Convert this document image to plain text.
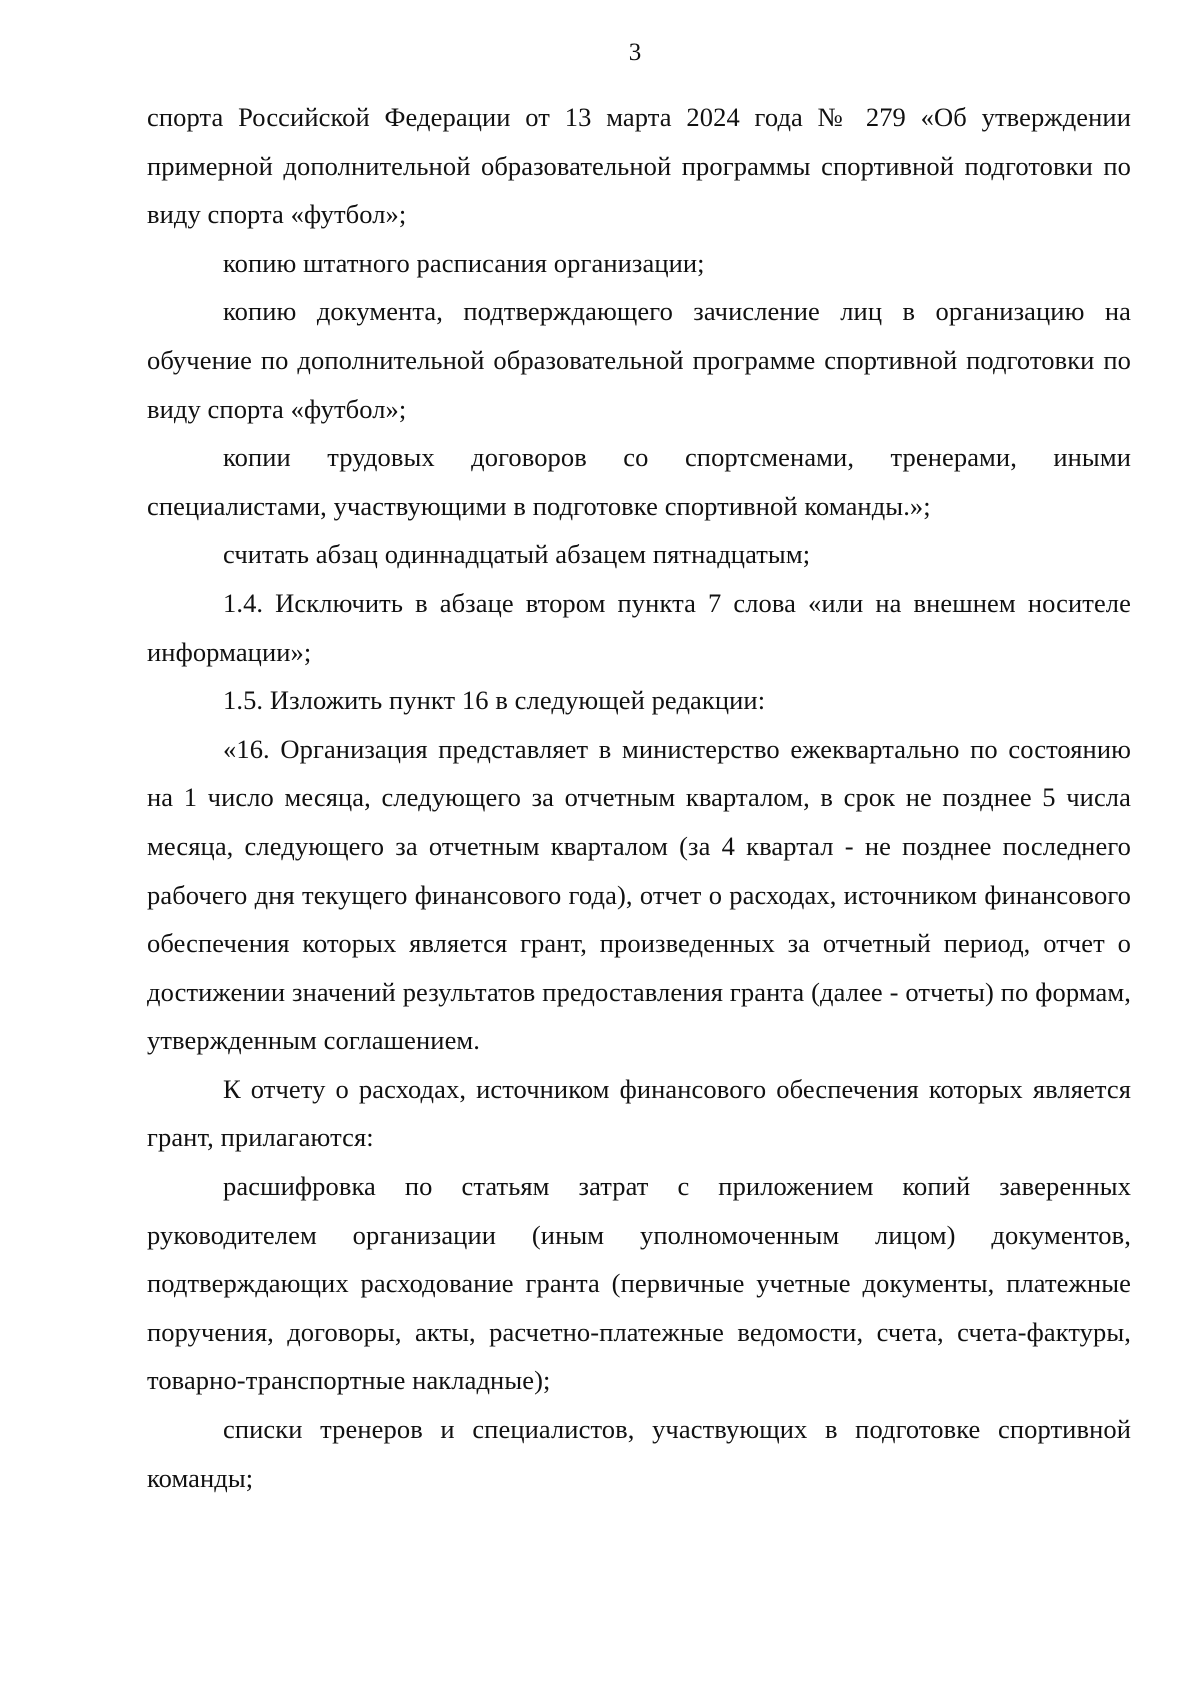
3

спорта Российской Федерации от 13 марта 2024 года № 279 «Об утверждении примерной дополнительной образовательной программы спортивной подготовки по виду спорта «футбол»;

копию штатного расписания организации;

копию документа, подтверждающего зачисление лиц в организацию на обучение по дополнительной образовательной программе спортивной подготовки по виду спорта «футбол»;

копии трудовых договоров со спортсменами, тренерами, иными специалистами, участвующими в подготовке спортивной команды.»;

считать абзац одиннадцатый абзацем пятнадцатым;

1.4. Исключить в абзаце втором пункта 7 слова «или на внешнем носителе информации»;

1.5. Изложить пункт 16 в следующей редакции:

«16. Организация представляет в министерство ежеквартально по состоянию на 1 число месяца, следующего за отчетным кварталом, в срок не позднее 5 числа месяца, следующего за отчетным кварталом (за 4 квартал - не позднее последнего рабочего дня текущего финансового года), отчет о расходах, источником финансового обеспечения которых является грант, произведенных за отчетный период, отчет о достижении значений результатов предоставления гранта (далее - отчеты) по формам, утвержденным соглашением.

К отчету о расходах, источником финансового обеспечения которых является грант, прилагаются:

расшифровка по статьям затрат с приложением копий заверенных руководителем организации (иным уполномоченным лицом) документов, подтверждающих расходование гранта (первичные учетные документы, платежные поручения, договоры, акты, расчетно-платежные ведомости, счета, счета-фактуры, товарно-транспортные накладные);

списки тренеров и специалистов, участвующих в подготовке спортивной команды;
